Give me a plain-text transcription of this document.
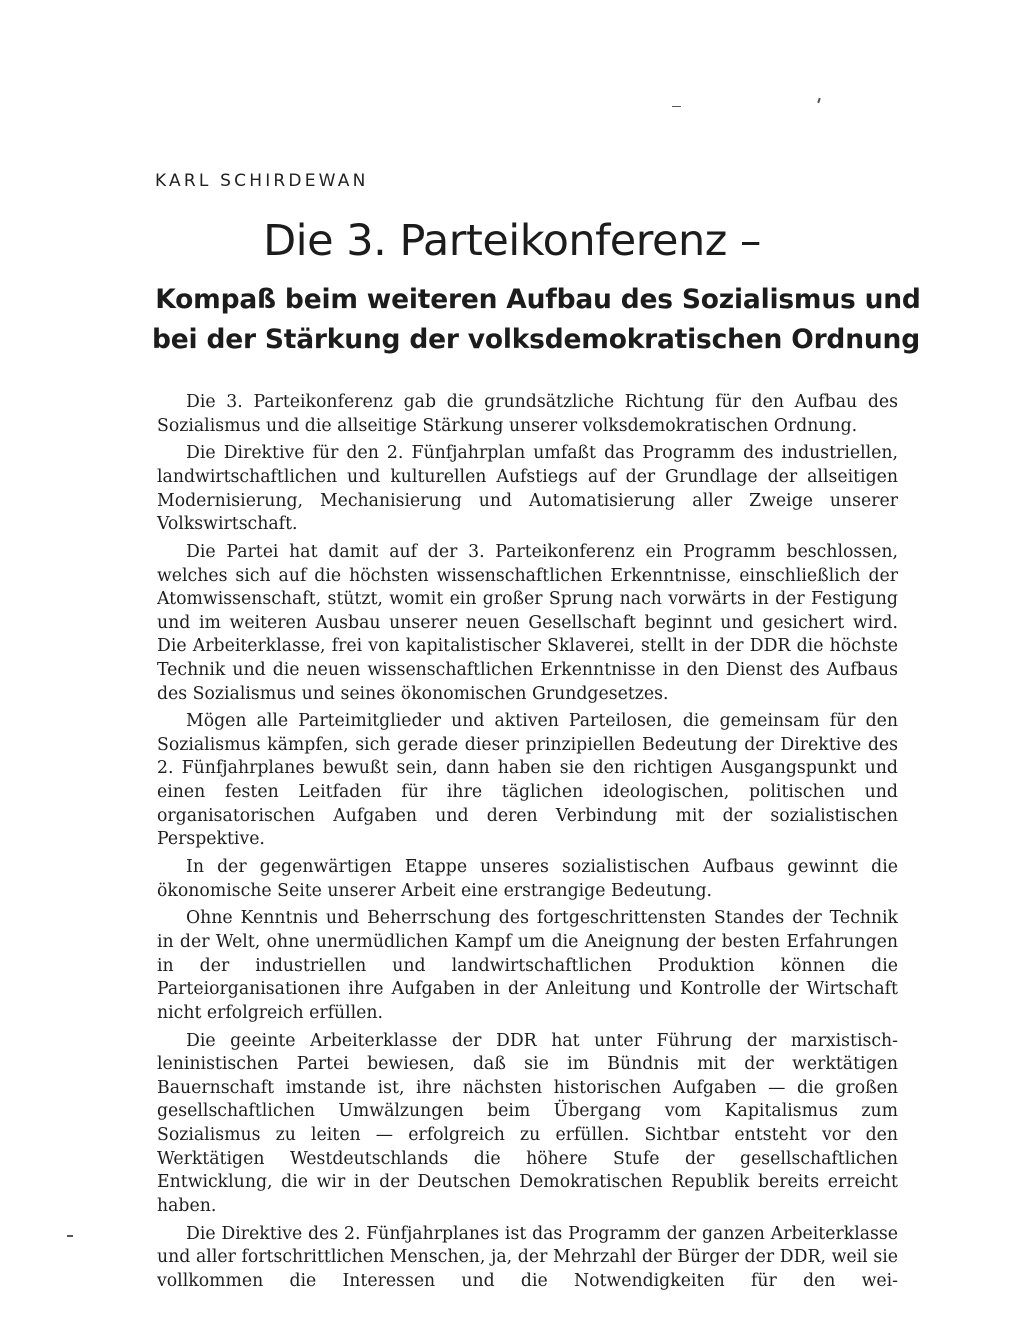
KARL SCHIRDEWAN
Die 3. Parteikonferenz –
Kompaß beim weiteren Aufbau des Sozialismus und
bei der Stärkung der volksdemokratischen Ordnung

Die 3. Parteikonferenz gab die grundsätzliche Richtung für den Aufbau des Sozialismus und die allseitige Stärkung unserer volksdemokratischen Ordnung.

Die Direktive für den 2. Fünfjahrplan umfaßt das Programm des industriellen, landwirtschaftlichen und kulturellen Aufstiegs auf der Grundlage der allseitigen Modernisierung, Mechanisierung und Automatisierung aller Zweige unserer Volkswirtschaft.

Die Partei hat damit auf der 3. Parteikonferenz ein Programm beschlossen, welches sich auf die höchsten wissenschaftlichen Erkenntnisse, einschließlich der Atomwissenschaft, stützt, womit ein großer Sprung nach vorwärts in der Festigung und im weiteren Ausbau unserer neuen Gesellschaft beginnt und gesichert wird. Die Arbeiterklasse, frei von kapitalistischer Sklaverei, stellt in der DDR die höchste Technik und die neuen wissenschaftlichen Erkenntnisse in den Dienst des Aufbaus des Sozialismus und seines ökonomischen Grundgesetzes.

Mögen alle Parteimitglieder und aktiven Parteilosen, die gemeinsam für den Sozialismus kämpfen, sich gerade dieser prinzipiellen Bedeutung der Direktive des 2. Fünfjahrplanes bewußt sein, dann haben sie den richtigen Ausgangspunkt und einen festen Leitfaden für ihre täglichen ideologischen, politischen und organisatorischen Aufgaben und deren Verbindung mit der sozialistischen Perspektive.

In der gegenwärtigen Etappe unseres sozialistischen Aufbaus gewinnt die ökonomische Seite unserer Arbeit eine erstrangige Bedeutung.

Ohne Kenntnis und Beherrschung des fortgeschrittensten Standes der Technik in der Welt, ohne unermüdlichen Kampf um die Aneignung der besten Erfahrungen in der industriellen und landwirtschaftlichen Produktion können die Parteiorganisationen ihre Aufgaben in der Anleitung und Kontrolle der Wirtschaft nicht erfolgreich erfüllen.

Die geeinte Arbeiterklasse der DDR hat unter Führung der marxistisch-leninistischen Partei bewiesen, daß sie im Bündnis mit der werktätigen Bauernschaft imstande ist, ihre nächsten historischen Aufgaben — die großen gesellschaftlichen Umwälzungen beim Übergang vom Kapitalismus zum Sozialismus zu leiten — erfolgreich zu erfüllen. Sichtbar entsteht vor den Werktätigen Westdeutschlands die höhere Stufe der gesellschaftlichen Entwicklung, die wir in der Deutschen Demokratischen Republik bereits erreicht haben.

Die Direktive des 2. Fünfjahrplanes ist das Programm der ganzen Arbeiterklasse und aller fortschrittlichen Menschen, ja, der Mehrzahl der Bürger der DDR, weil sie vollkommen die Interessen und die Notwendigkeiten für den wei-
